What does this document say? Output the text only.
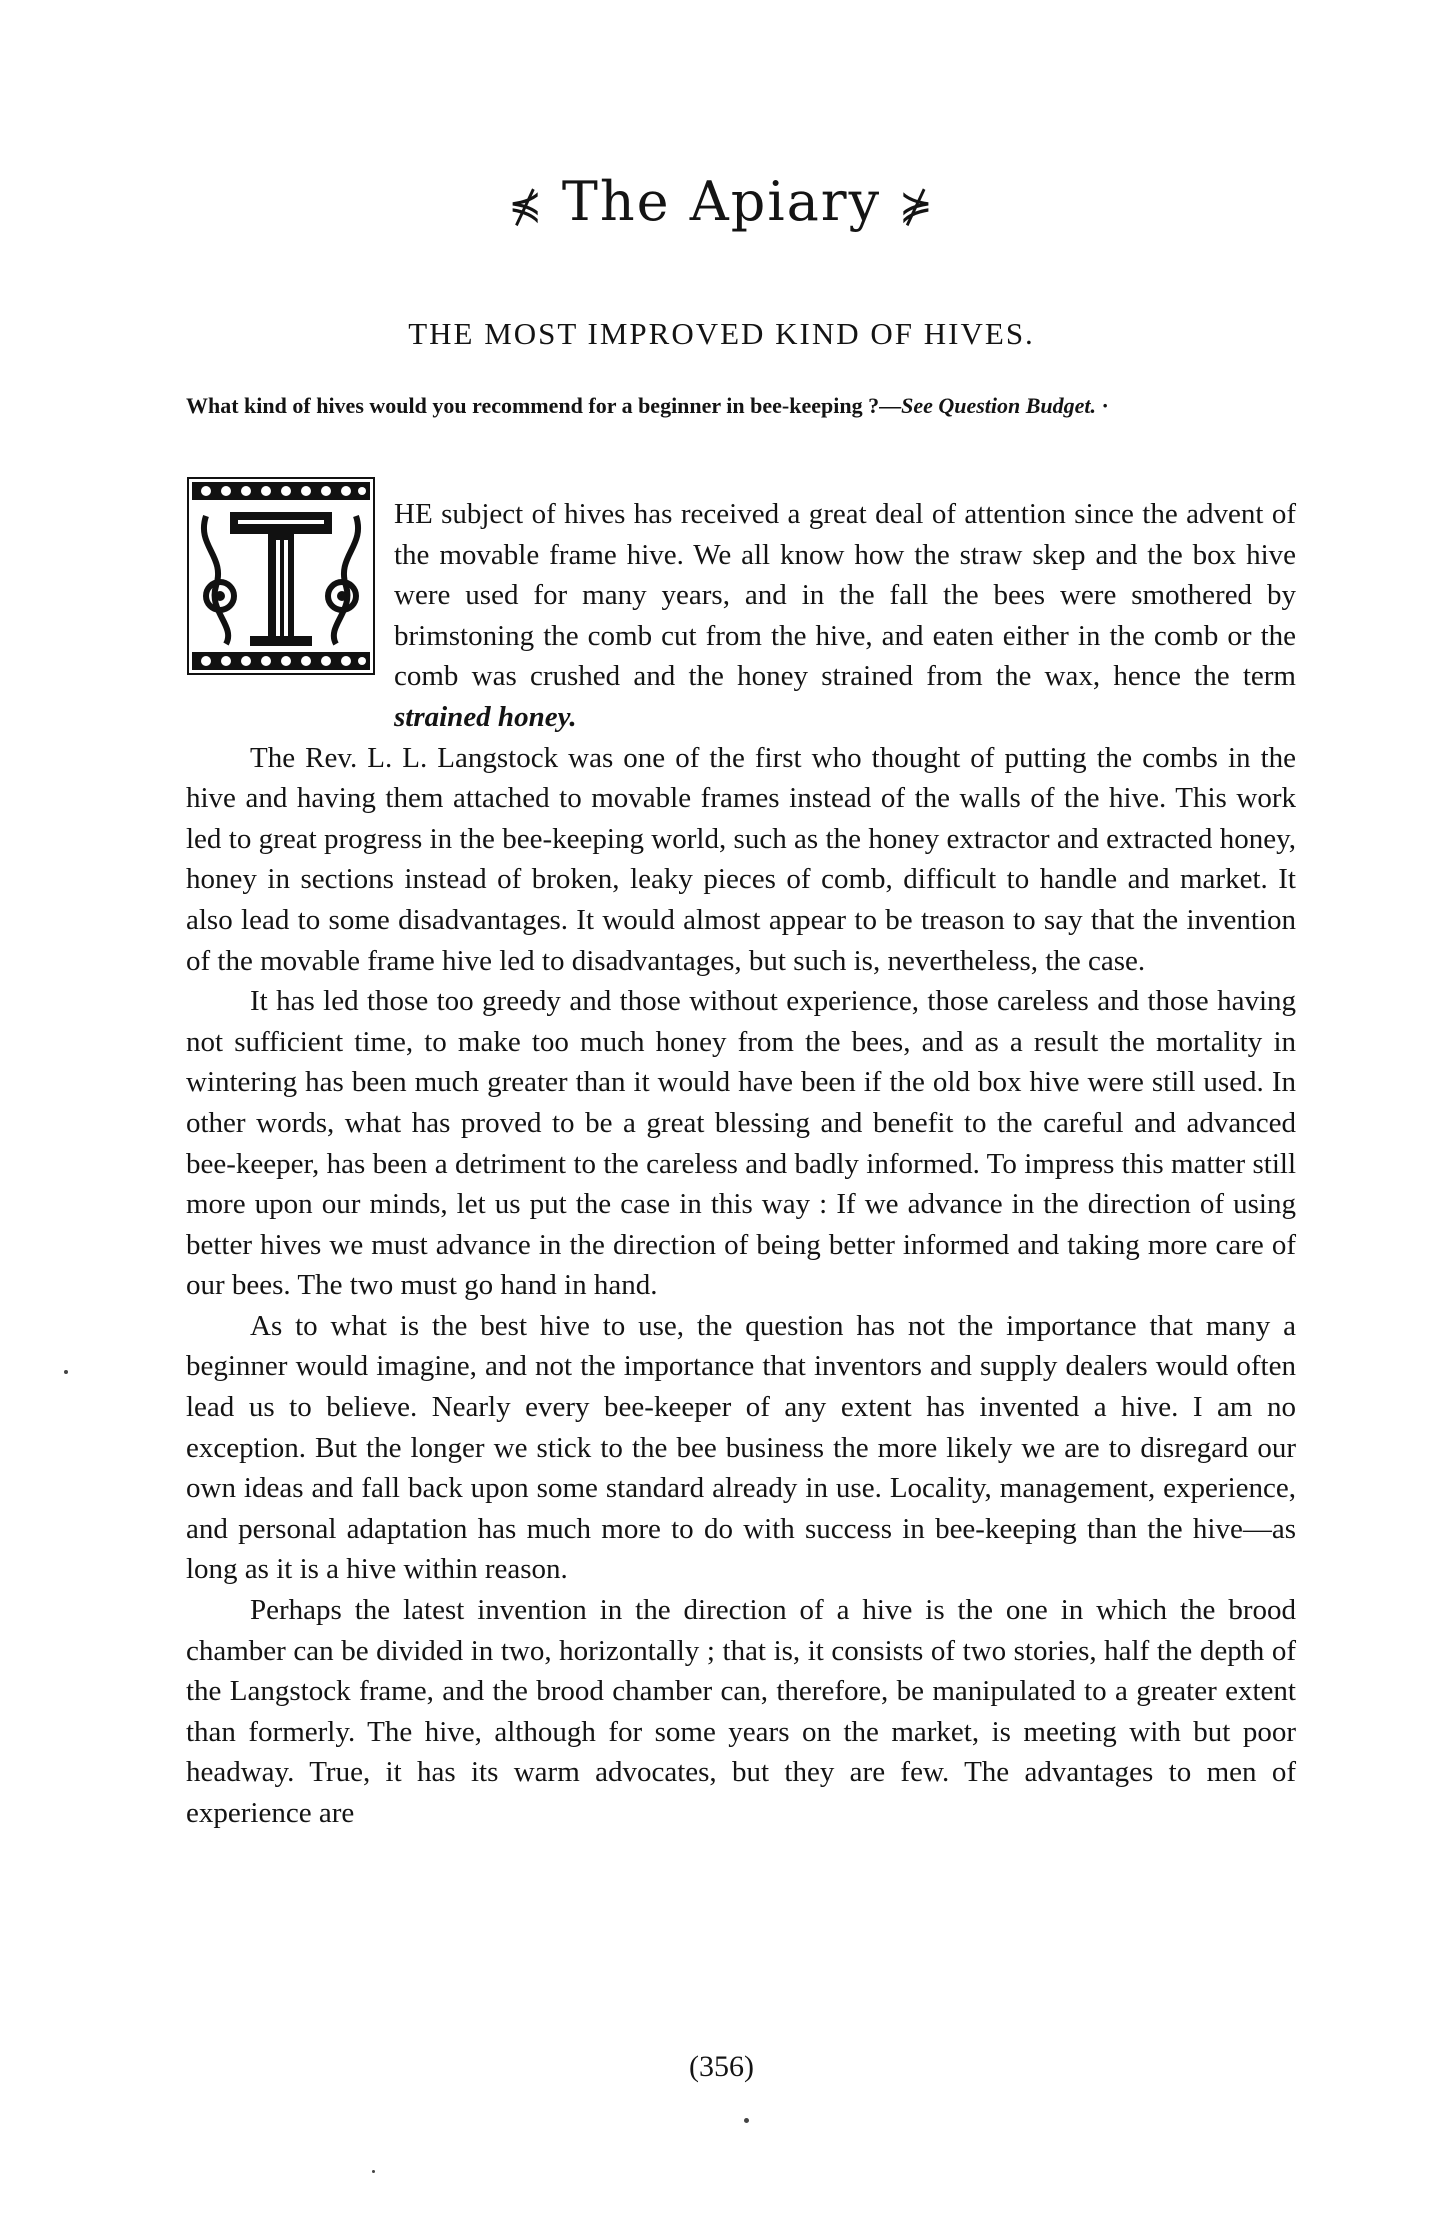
⋠ The Apiary ⋡
THE MOST IMPROVED KIND OF HIVES.
What kind of hives would you recommend for a beginner in bee-keeping ?—See Question Budget. ·

HE subject of hives has received a great deal of attention since the advent of the movable frame hive. We all know how the straw skep and the box hive were used for many years, and in the fall the bees were smothered by brimstoning the comb cut from the hive, and eaten either in the comb or the comb was crushed and the honey strained from the wax, hence the term strained honey.

The Rev. L. L. Langstock was one of the first who thought of putting the combs in the hive and having them attached to movable frames instead of the walls of the hive. This work led to great progress in the bee-keeping world, such as the honey extractor and extracted honey, honey in sections instead of broken, leaky pieces of comb, difficult to handle and market. It also lead to some disadvantages. It would almost appear to be treason to say that the invention of the movable frame hive led to disadvantages, but such is, nevertheless, the case.

It has led those too greedy and those without experience, those careless and those having not sufficient time, to make too much honey from the bees, and as a result the mortality in wintering has been much greater than it would have been if the old box hive were still used. In other words, what has proved to be a great blessing and benefit to the careful and advanced bee-keeper, has been a detriment to the careless and badly informed. To impress this matter still more upon our minds, let us put the case in this way : If we advance in the direction of using better hives we must advance in the direction of being better informed and taking more care of our bees. The two must go hand in hand.

As to what is the best hive to use, the question has not the importance that many a beginner would imagine, and not the importance that inventors and supply dealers would often lead us to believe. Nearly every bee-keeper of any extent has invented a hive. I am no exception. But the longer we stick to the bee business the more likely we are to disregard our own ideas and fall back upon some standard already in use. Locality, management, experience, and personal adaptation has much more to do with success in bee-keeping than the hive—as long as it is a hive within reason.

Perhaps the latest invention in the direction of a hive is the one in which the brood chamber can be divided in two, horizontally ; that is, it consists of two stories, half the depth of the Langstock frame, and the brood chamber can, therefore, be manipulated to a greater extent than formerly. The hive, although for some years on the market, is meeting with but poor headway. True, it has its warm advocates, but they are few. The advantages to men of experience are

(356)
